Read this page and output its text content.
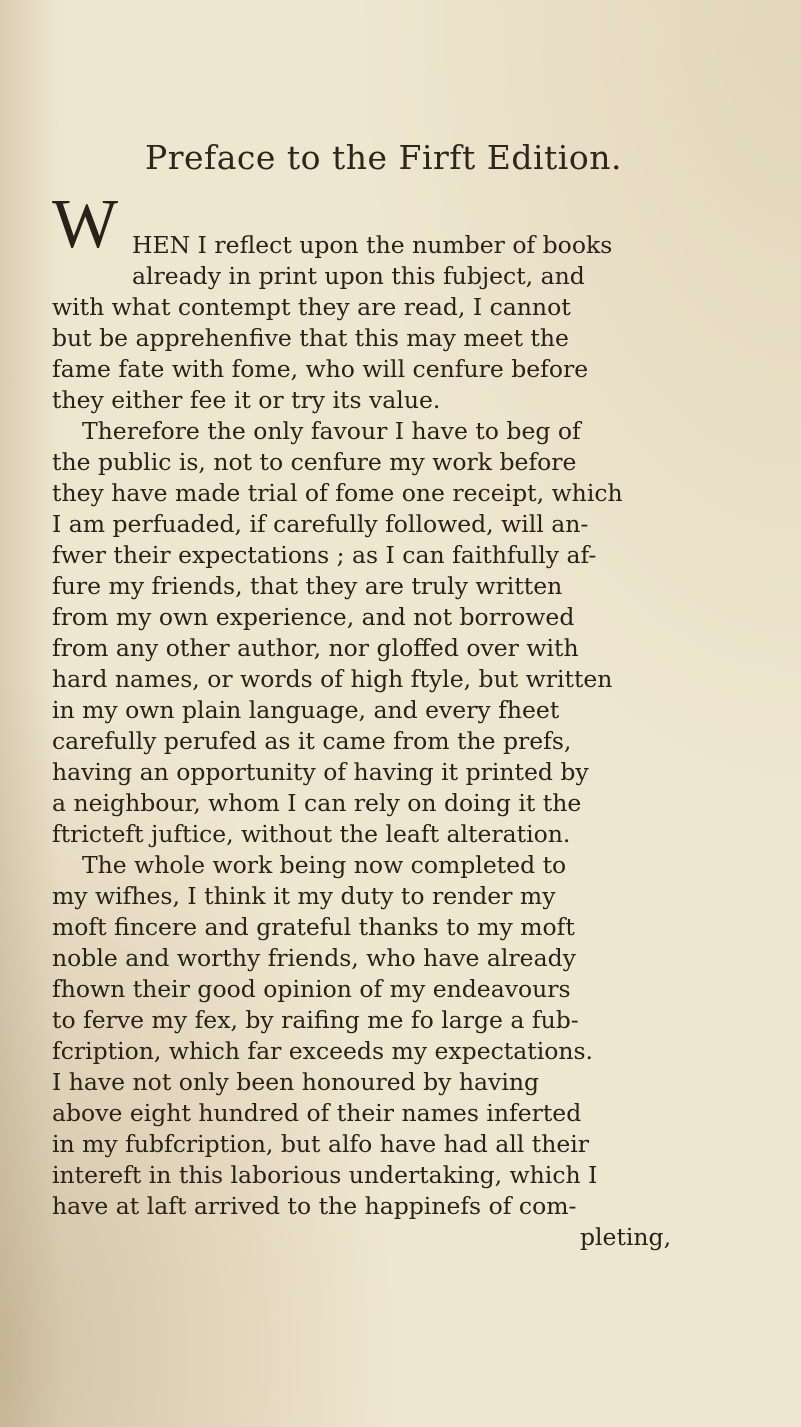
Preface to the Firft Edition.
W HEN I reflect upon the number of books
already in print upon this fubject, and
with what contempt they are read, I cannot
but be apprehenfive that this may meet the
fame fate with fome, who will cenfure before
they either fee it or try its value.
Therefore the only favour I have to beg of
the public is, not to cenfure my work before
they have made trial of fome one receipt, which
I am perfuaded, if carefully followed, will an-
fwer their expectations ; as I can faithfully af-
fure my friends, that they are truly written
from my own experience, and not borrowed
from any other author, nor gloffed over with
hard names, or words of high ftyle, but written
in my own plain language, and every fheet
carefully perufed as it came from the prefs,
having an opportunity of having it printed by
a neighbour, whom I can rely on doing it the
ftricteft juftice, without the leaft alteration.
The whole work being now completed to
my wifhes, I think it my duty to render my
moft fincere and grateful thanks to my moft
noble and worthy friends, who have already
fhown their good opinion of my endeavours
to ferve my fex, by raifing me fo large a fub-
fcription, which far exceeds my expectations.
I have not only been honoured by having
above eight hundred of their names inferted
in my fubfcription, but alfo have had all their
intereft in this laborious undertaking, which I
have at laft arrived to the happinefs of com-
pleting,
